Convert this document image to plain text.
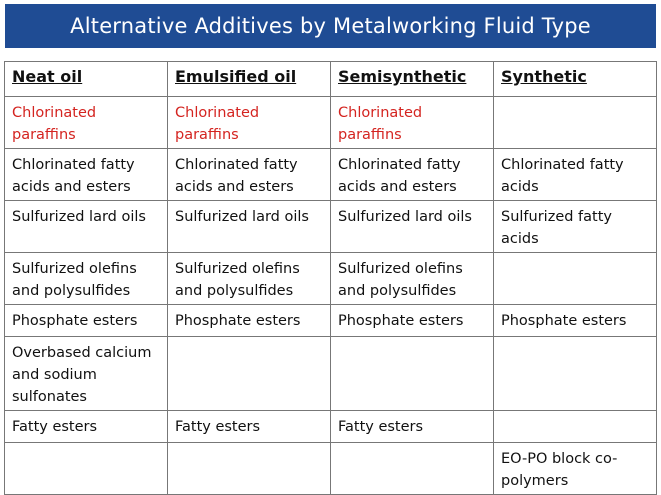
Alternative Additives by Metalworking Fluid Type
Neat oil	Emulsified oil	Semisynthetic	Synthetic
Chlorinated paraffins	Chlorinated paraffins	Chlorinated paraffins	
Chlorinated fatty acids and esters	Chlorinated fatty acids and esters	Chlorinated fatty acids and esters	Chlorinated fatty acids
Sulfurized lard oils	Sulfurized lard oils	Sulfurized lard oils	Sulfurized fatty acids
Sulfurized olefins and polysulfides	Sulfurized olefins and polysulfides	Sulfurized olefins and polysulfides	
Phosphate esters	Phosphate esters	Phosphate esters	Phosphate esters
Overbased calcium and sodium sulfonates			
Fatty esters	Fatty esters	Fatty esters	
			EO-PO block co-polymers
